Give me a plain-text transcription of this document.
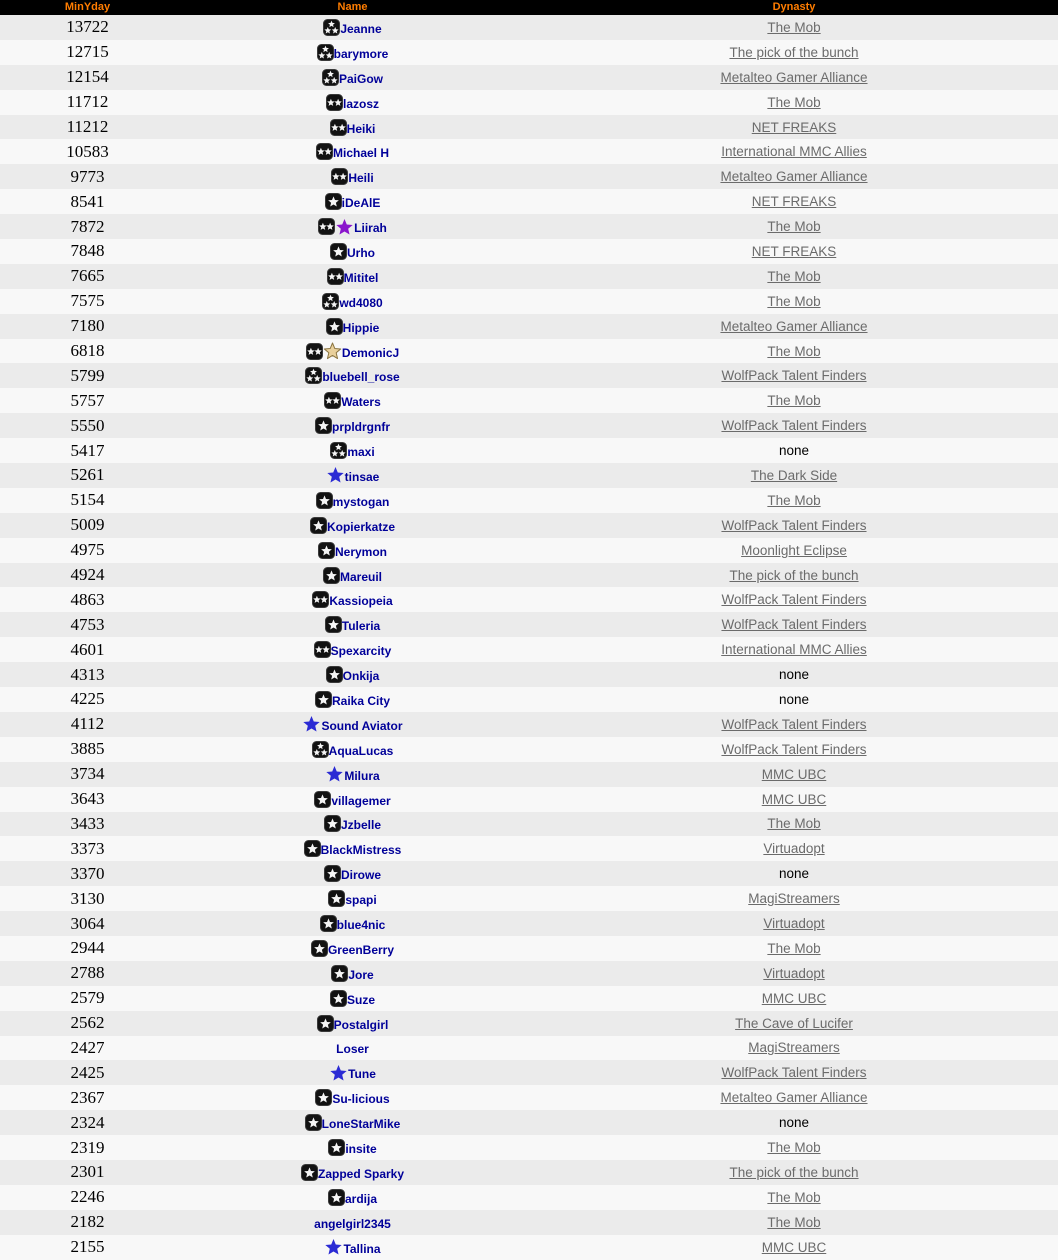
MinYday	Name	Dynasty
13722	Jeanne	The Mob
12715	barymore	The pick of the bunch
12154	PaiGow	Metalteo Gamer Alliance
11712	lazosz	The Mob
11212	Heiki	NET FREAKS
10583	Michael H	International MMC Allies
9773	Heili	Metalteo Gamer Alliance
8541	iDeAlE	NET FREAKS
7872	Liirah	The Mob
7848	Urho	NET FREAKS
7665	Mititel	The Mob
7575	wd4080	The Mob
7180	Hippie	Metalteo Gamer Alliance
6818	DemonicJ	The Mob
5799	bluebell_rose	WolfPack Talent Finders
5757	Waters	The Mob
5550	prpldrgnfr	WolfPack Talent Finders
5417	maxi	none
5261	tinsae	The Dark Side
5154	mystogan	The Mob
5009	Kopierkatze	WolfPack Talent Finders
4975	Nerymon	Moonlight Eclipse
4924	Mareuil	The pick of the bunch
4863	Kassiopeia	WolfPack Talent Finders
4753	Tuleria	WolfPack Talent Finders
4601	Spexarcity	International MMC Allies
4313	Onkija	none
4225	Raika City	none
4112	Sound Aviator	WolfPack Talent Finders
3885	AquaLucas	WolfPack Talent Finders
3734	Milura	MMC UBC
3643	villagemer	MMC UBC
3433	Jzbelle	The Mob
3373	BlackMistress	Virtuadopt
3370	Dirowe	none
3130	spapi	MagiStreamers
3064	blue4nic	Virtuadopt
2944	GreenBerry	The Mob
2788	Jore	Virtuadopt
2579	Suze	MMC UBC
2562	Postalgirl	The Cave of Lucifer
2427	Loser	MagiStreamers
2425	Tune	WolfPack Talent Finders
2367	Su-licious	Metalteo Gamer Alliance
2324	LoneStarMike	none
2319	insite	The Mob
2301	Zapped Sparky	The pick of the bunch
2246	ardija	The Mob
2182	angelgirl2345	The Mob
2155	Tallina	MMC UBC
